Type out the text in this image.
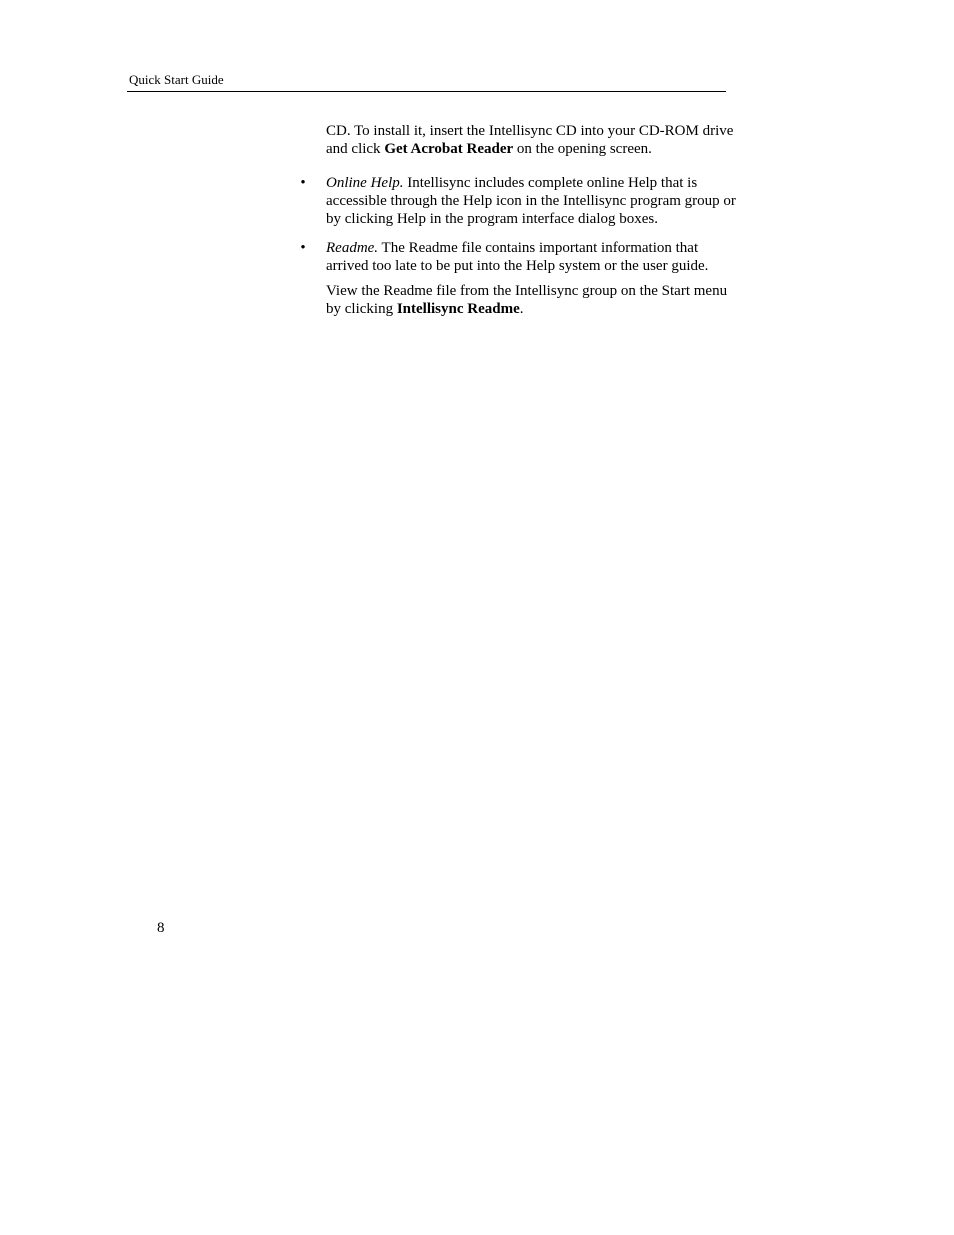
Quick Start Guide

CD. To install it, insert the Intellisync CD into your CD-ROM drive and click Get Acrobat Reader on the opening screen.

• Online Help. Intellisync includes complete online Help that is accessible through the Help icon in the Intellisync program group or by clicking Help in the program interface dialog boxes.
• Readme. The Readme file contains important information that arrived too late to be put into the Help system or the user guide.

View the Readme file from the Intellisync group on the Start menu by clicking Intellisync Readme.

8
